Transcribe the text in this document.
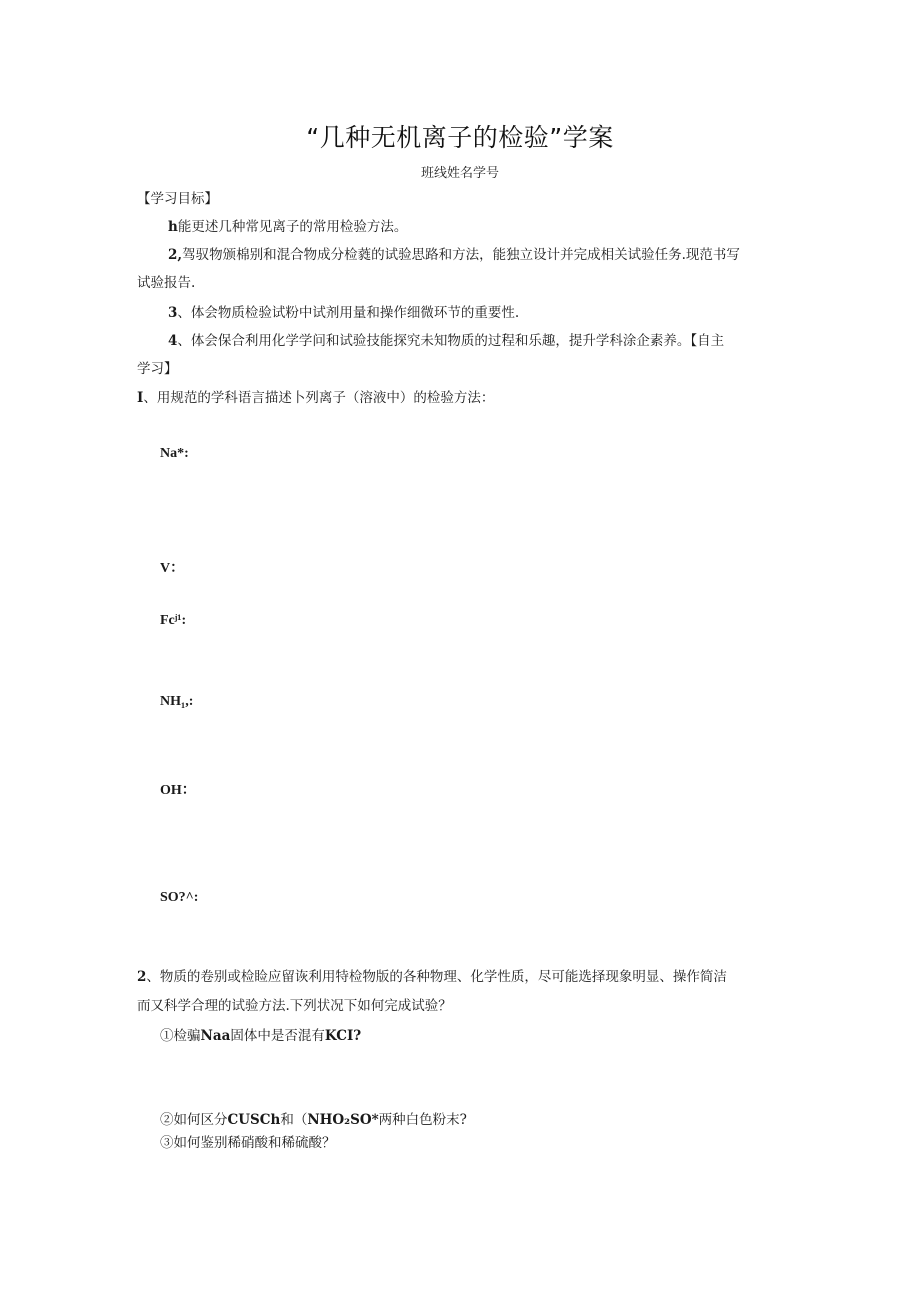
“几种无机离子的检验”学案
班线姓名学号
【学习目标】
h能更述几种常见离子的常用检验方法。
2,驾驭物颁棉别和混合物成分检蕤的试验思路和方法，能独立设计并完成相关试验任务.现范书写
试验报告.
3、体会物质检验试粉中试剂用量和操作细微环节的重要性.
4、体会保合利用化学学问和试验技能探究未知物质的过程和乐趣，提升学科涂企素养。【自主
学习】
I、用规范的学科语言描述卜列离子（溶液中）的检验方法：
Na*:
V：
Fcʲ¹:
NH₁,:
OH：
SO?^:
2、物质的卷别或检睑应留诙利用特检物版的各种物理、化学性质，尽可能选择现象明显、操作简洁
而又科学合理的试验方法.下列状况下如何完成试验？
①检骗Naa固体中是否混有KCI?
②如何区分CUSCh和（NHO₂SO*两种白色粉末?
③如何鉴别稀硝酸和稀硫酸？
